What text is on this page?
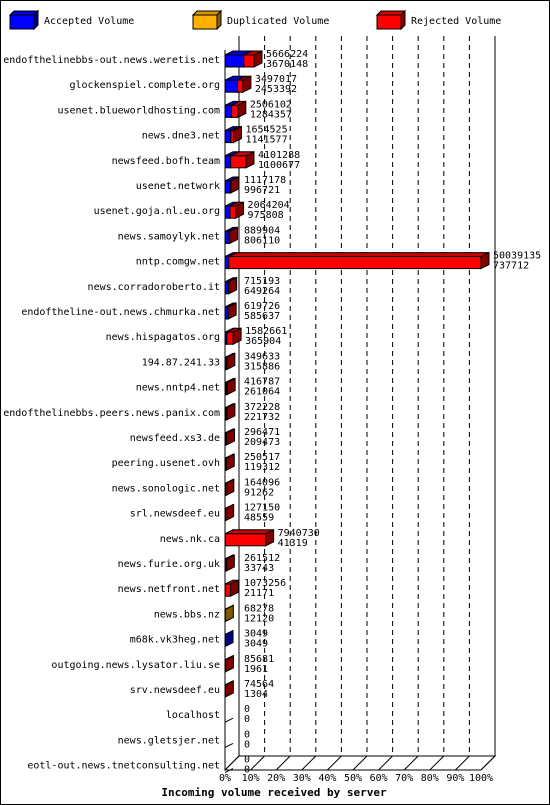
Accepted Volume	Duplicated Volume	Rejected Volume
endofthelinebbs-out.news.weretis.net
glockenspiel.complete.org
usenet.blueworldhosting.com
news.dne3.net
newsfeed.bofh.team
usenet.network
usenet.goja.nl.eu.org
news.samoylyk.net
nntp.comgw.net
news.corradoroberto.it
endoftheline-out.news.chmurka.net
news.hispagatos.org
194.87.241.33
news.nntp4.net
endofthelinebbs.peers.news.panix.com
newsfeed.xs3.de
peering.usenet.ovh
news.sonologic.net
srl.newsdeef.eu
news.nk.ca
news.furie.org.uk
news.netfront.net
news.bbs.nz
m68k.vk3heg.net
outgoing.news.lysator.liu.se
srv.newsdeef.eu
localhost
news.gletsjer.net
eotl-out.news.tnetconsulting.net
5666224
3670148
3497017
2453392
2506102
1284357
1654525
1141577
4101288
1100677
1117178
996721
2064204
975808
889904
806110
50039135
737712
715193
649264
619726
585637
1582661
365904
349633
315886
416787
261064
372228
221732
296471
209473
250517
119312
164096
91262
127150
48559
7940730
41319
261512
33743
1073256
21171
68278
12120
3049
3049
85681
1961
74564
1304
0
0
0
0
0
0
0% 10% 20% 30% 40% 50% 60% 70% 80% 90% 100%
Incoming volume received by server
